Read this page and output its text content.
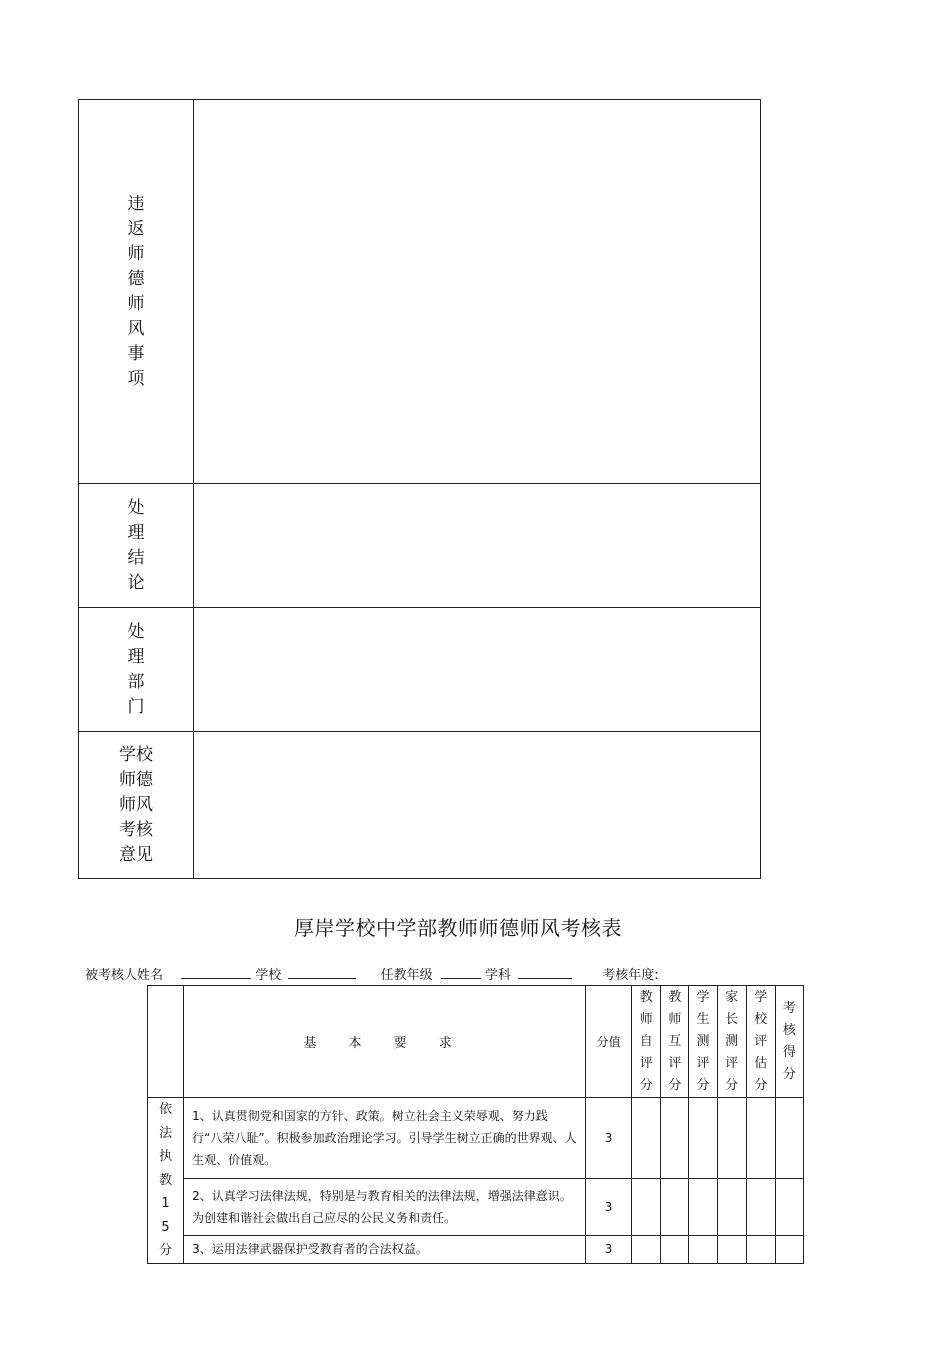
违返师德师风事项	
处理结论	
处理部门	
学校师德师风考核意见	
厚岸学校中学部教师师德师风考核表
被考核人姓名	学校	任教年级	学科	考核年度:
	基 本 要 求	分值	教师自评分	教师互评分	学生测评分	家长测评分	学校评估分	考核得分
依法执教15分	1、认真贯彻党和国家的方针、政策。树立社会主义荣辱观、努力践行“八荣八耻”。积极参加政治理论学习。引导学生树立正确的世界观、人生观、价值观。	3						
	2、认真学习法律法规，特别是与教育相关的法律法规，增强法律意识。为创建和谐社会做出自己应尽的公民义务和责任。	3						
	3、运用法律武器保护受教育者的合法权益。	3						
